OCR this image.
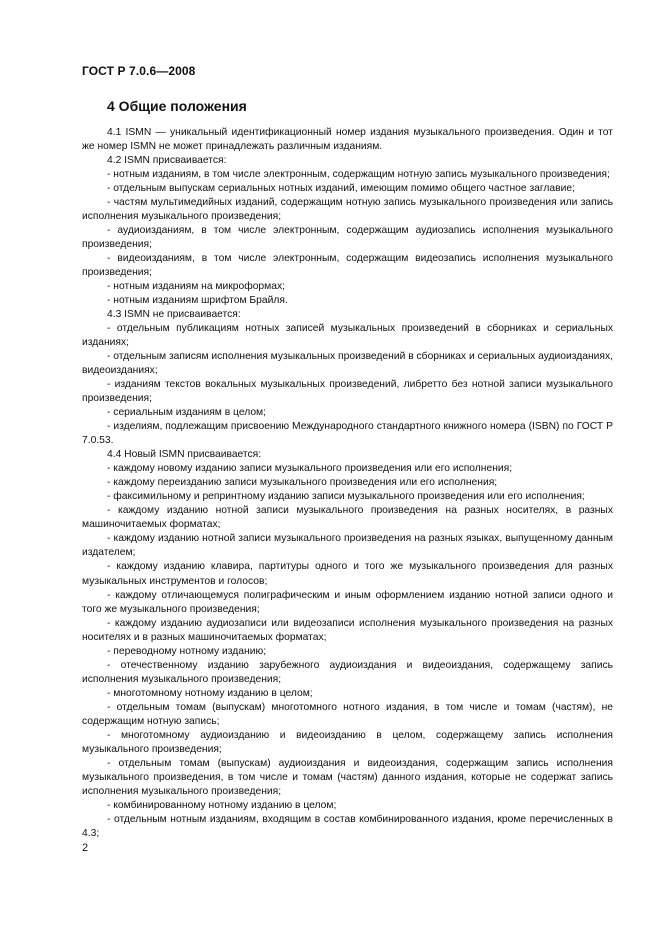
ГОСТ Р 7.0.6—2008
4 Общие положения

4.1 ISMN — уникальный идентификационный номер издания музыкального произведения. Один и тот же номер ISMN не может принадлежать различным изданиям.

4.2 ISMN присваивается:

- нотным изданиям, в том числе электронным, содержащим нотную запись музыкального произведения;

- отдельным выпускам сериальных нотных изданий, имеющим помимо общего частное заглавие;

- частям мультимедийных изданий, содержащим нотную запись музыкального произведения или запись исполнения музыкального произведения;

- аудиоизданиям, в том числе электронным, содержащим аудиозапись исполнения музыкального произведения;

- видеоизданиям, в том числе электронным, содержащим видеозапись исполнения музыкального произведения;

- нотным изданиям на микроформах;

- нотным изданиям шрифтом Брайля.

4.3 ISMN не присваивается:

- отдельным публикациям нотных записей музыкальных произведений в сборниках и сериальных изданиях;

- отдельным записям исполнения музыкальных произведений в сборниках и сериальных аудиоизданиях, видеоизданиях;

- изданиям текстов вокальных музыкальных произведений, либретто без нотной записи музыкального произведения;

- сериальным изданиям в целом;

- изделиям, подлежащим присвоению Международного стандартного книжного номера (ISBN) по ГОСТ Р 7.0.53.

4.4 Новый ISMN присваивается:

- каждому новому изданию записи музыкального произведения или его исполнения;

- каждому переизданию записи музыкального произведения или его исполнения;

- факсимильному и репринтному изданию записи музыкального произведения или его исполнения;

- каждому изданию нотной записи музыкального произведения на разных носителях, в разных машиночитаемых форматах;

- каждому изданию нотной записи музыкального произведения на разных языках, выпущенному данным издателем;

- каждому изданию клавира, партитуры одного и того же музыкального произведения для разных музыкальных инструментов и голосов;

- каждому отличающемуся полиграфическим и иным оформлением изданию нотной записи одного и того же музыкального произведения;

- каждому изданию аудиозаписи или видеозаписи исполнения музыкального произведения на разных носителях и в разных машиночитаемых форматах;

- переводному нотному изданию;

- отечественному изданию зарубежного аудиоиздания и видеоиздания, содержащему запись исполнения музыкального произведения;

- многотомному нотному изданию в целом;

- отдельным томам (выпускам) многотомного нотного издания, в том числе и томам (частям), не содержащим нотную запись;

- многотомному аудиоизданию и видеоизданию в целом, содержащему запись исполнения музыкального произведения;

- отдельным томам (выпускам) аудиоиздания и видеоиздания, содержащим запись исполнения музыкального произведения, в том числе и томам (частям) данного издания, которые не содержат запись исполнения музыкального произведения;

- комбинированному нотному изданию в целом;

- отдельным нотным изданиям, входящим в состав комбинированного издания, кроме перечисленных в 4.3;

2
